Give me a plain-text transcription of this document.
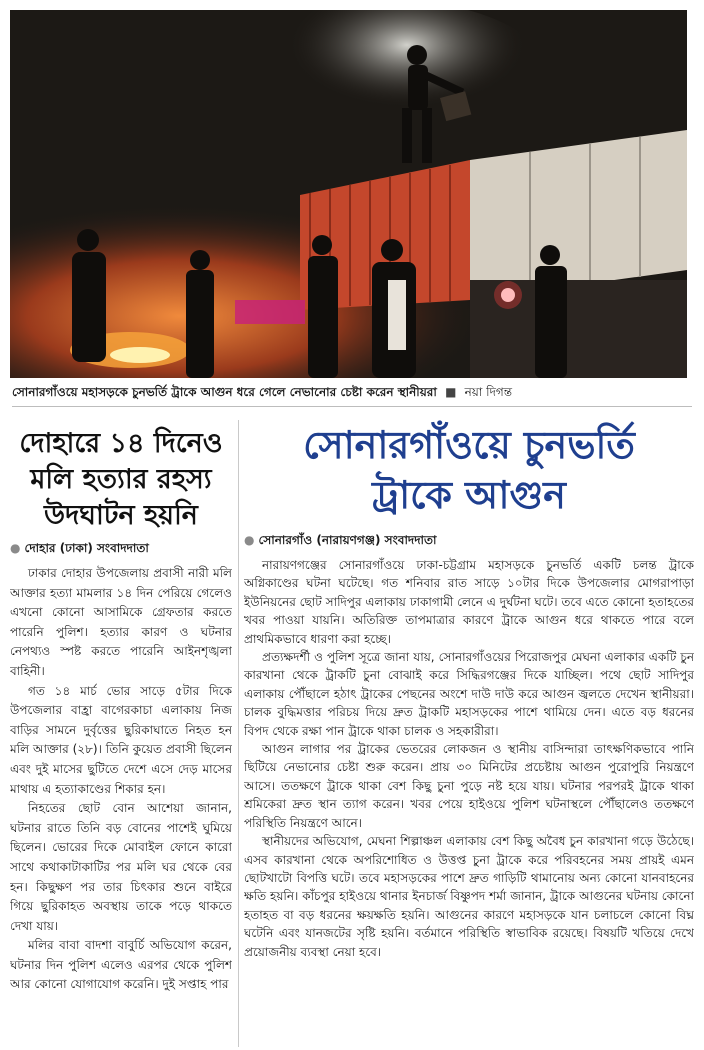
সোনারগাঁওয়ে মহাসড়কে চুনভর্তি ট্রাকে আগুন ধরে গেলে নেভানোর চেষ্টা করেন স্থানীয়রা ■ নয়া দিগন্ত
দোহারে ১৪ দিনেও
মলি হত্যার রহস্য
উদঘাটন হয়নি
● দোহার (ঢাকা) সংবাদদাতা

ঢাকার দোহার উপজেলায় প্রবাসী নারী মলি আক্তার হত্যা মামলার ১৪ দিন পেরিয়ে গেলেও এখনো কোনো আসামিকে গ্রেফতার করতে পারেনি পুলিশ। হত্যার কারণ ও ঘটনার নেপথ্যও স্পষ্ট করতে পারেনি আইনশৃঙ্খলা বাহিনী।

গত ১৪ মার্চ ভোর সাড়ে ৫টার দিকে উপজেলার বাহ্রা বাগেরকাচা এলাকায় নিজ বাড়ির সামনে দুর্বৃত্তের ছুরিকাঘাতে নিহত হন মলি আক্তার (২৮)। তিনি কুয়েত প্রবাসী ছিলেন এবং দুই মাসের ছুটিতে দেশে এসে দেড় মাসের মাথায় এ হত্যাকাণ্ডের শিকার হন।

নিহতের ছোট বোন আশেয়া জানান, ঘটনার রাতে তিনি বড় বোনের পাশেই ঘুমিয়ে ছিলেন। ভোরের দিকে মোবাইল ফোনে কারো সাথে কথাকাটাকাটির পর মলি ঘর থেকে বের হন। কিছুক্ষণ পর তার চিৎকার শুনে বাইরে গিয়ে ছুরিকাহত অবস্থায় তাকে পড়ে থাকতে দেখা যায়।

মলির বাবা বাদশা বাবুর্চি অভিযোগ করেন, ঘটনার দিন পুলিশ এলেও এরপর থেকে পুলিশ আর কোনো যোগাযোগ করেনি। দুই সপ্তাহ পার

সোনারগাঁওয়ে চুনভর্তি
ট্রাকে আগুন
● সোনারগাঁও (নারায়ণগঞ্জ) সংবাদদাতা

নারায়ণগঞ্জের সোনারগাঁওয়ে ঢাকা-চট্টগ্রাম মহাসড়কে চুনভর্তি একটি চলন্ত ট্রাকে অগ্নিকাণ্ডের ঘটনা ঘটেছে। গত শনিবার রাত সাড়ে ১০টার দিকে উপজেলার মোগরাপাড়া ইউনিয়নের ছোট সাদিপুর এলাকায় ঢাকাগামী লেনে এ দুর্ঘটনা ঘটে। তবে এতে কোনো হতাহতের খবর পাওয়া যায়নি। অতিরিক্ত তাপমাত্রার কারণে ট্রাকে আগুন ধরে থাকতে পারে বলে প্রাথমিকভাবে ধারণা করা হচ্ছে।

প্রত্যক্ষদর্শী ও পুলিশ সূত্রে জানা যায়, সোনারগাঁওয়ের পিরোজপুর মেঘনা এলাকার একটি চুন কারখানা থেকে ট্রাকটি চুনা বোঝাই করে সিদ্ধিরগঞ্জের দিকে যাচ্ছিল। পথে ছোট সাদিপুর এলাকায় পৌঁছালে হঠাৎ ট্রাকের পেছনের অংশে দাউ দাউ করে আগুন জ্বলতে দেখেন স্থানীয়রা। চালক বুদ্ধিমত্তার পরিচয় দিয়ে দ্রুত ট্রাকটি মহাসড়কের পাশে থামিয়ে দেন। এতে বড় ধরনের বিপদ থেকে রক্ষা পান ট্রাকে থাকা চালক ও সহকারীরা।

আগুন লাগার পর ট্রাকের ভেতরের লোকজন ও স্থানীয় বাসিন্দারা তাৎক্ষণিকভাবে পানি ছিটিয়ে নেভানোর চেষ্টা শুরু করেন। প্রায় ৩০ মিনিটের প্রচেষ্টায় আগুন পুরোপুরি নিয়ন্ত্রণে আসে। ততক্ষণে ট্রাকে থাকা বেশ কিছু চুনা পুড়ে নষ্ট হয়ে যায়। ঘটনার পরপরই ট্রাকে থাকা শ্রমিকেরা দ্রুত স্থান ত্যাগ করেন। খবর পেয়ে হাইওয়ে পুলিশ ঘটনাস্থলে পৌঁছালেও ততক্ষণে পরিস্থিতি নিয়ন্ত্রণে আনে।

স্থানীয়দের অভিযোগ, মেঘনা শিল্পাঞ্চল এলাকায় বেশ কিছু অবৈধ চুন কারখানা গড়ে উঠেছে। এসব কারখানা থেকে অপরিশোধিত ও উত্তপ্ত চুনা ট্রাকে করে পরিবহনের সময় প্রায়ই এমন ছোটখাটো বিপত্তি ঘটে। তবে মহাসড়কের পাশে দ্রুত গাড়িটি থামানোয় অন্য কোনো যানবাহনের ক্ষতি হয়নি। কাঁচপুর হাইওয়ে থানার ইনচার্জ বিষ্ণুপদ শর্মা জানান, ট্রাকে আগুনের ঘটনায় কোনো হতাহত বা বড় ধরনের ক্ষয়ক্ষতি হয়নি। আগুনের কারণে মহাসড়কে যান চলাচলে কোনো বিঘ্ন ঘটেনি এবং যানজটের সৃষ্টি হয়নি। বর্তমানে পরিস্থিতি স্বাভাবিক রয়েছে। বিষয়টি খতিয়ে দেখে প্রয়োজনীয় ব্যবস্থা নেয়া হবে।
